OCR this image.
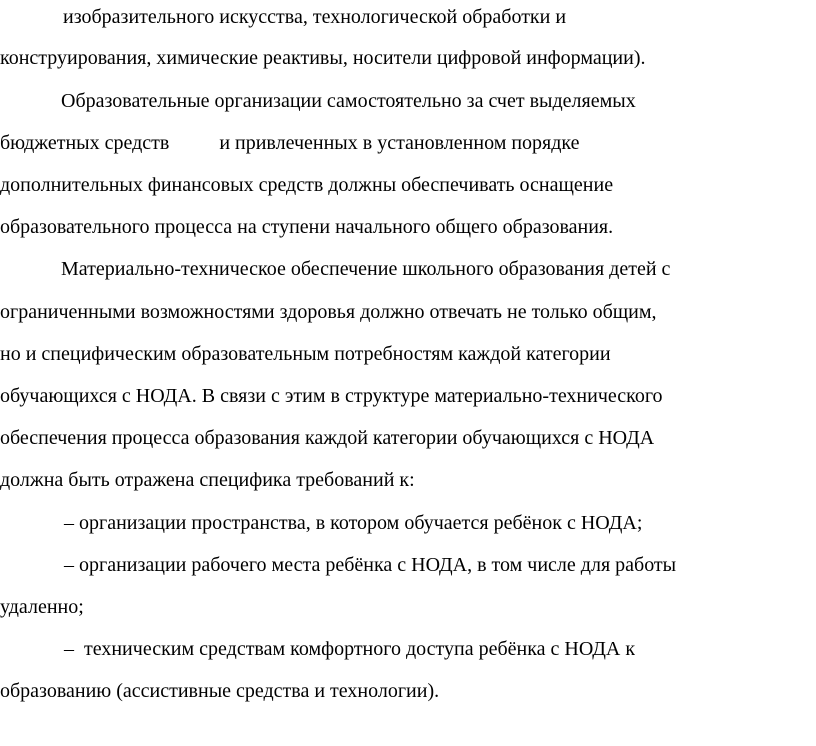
изобразительного искусства, технологической обработки и
конструирования, химические реактивы, носители цифровой информации).
Образовательные организации самостоятельно за счет выделяемых
бюджетных средств          и привлеченных в установленном порядке
дополнительных финансовых средств должны обеспечивать оснащение
образовательного процесса на ступени начального общего образования.
Материально-техническое обеспечение школьного образования детей с
ограниченными возможностями здоровья должно отвечать не только общим,
но и специфическим образовательным потребностям каждой категории
обучающихся с НОДА. В связи с этим в структуре материально-технического
обеспечения процесса образования каждой категории обучающихся с НОДА
должна быть отражена специфика требований к:
– организации пространства, в котором обучается ребёнок с НОДА;
– организации рабочего места ребёнка с НОДА, в том числе для работы
удаленно;
–  техническим средствам комфортного доступа ребёнка с НОДА к
образованию (ассистивные средства и технологии).
